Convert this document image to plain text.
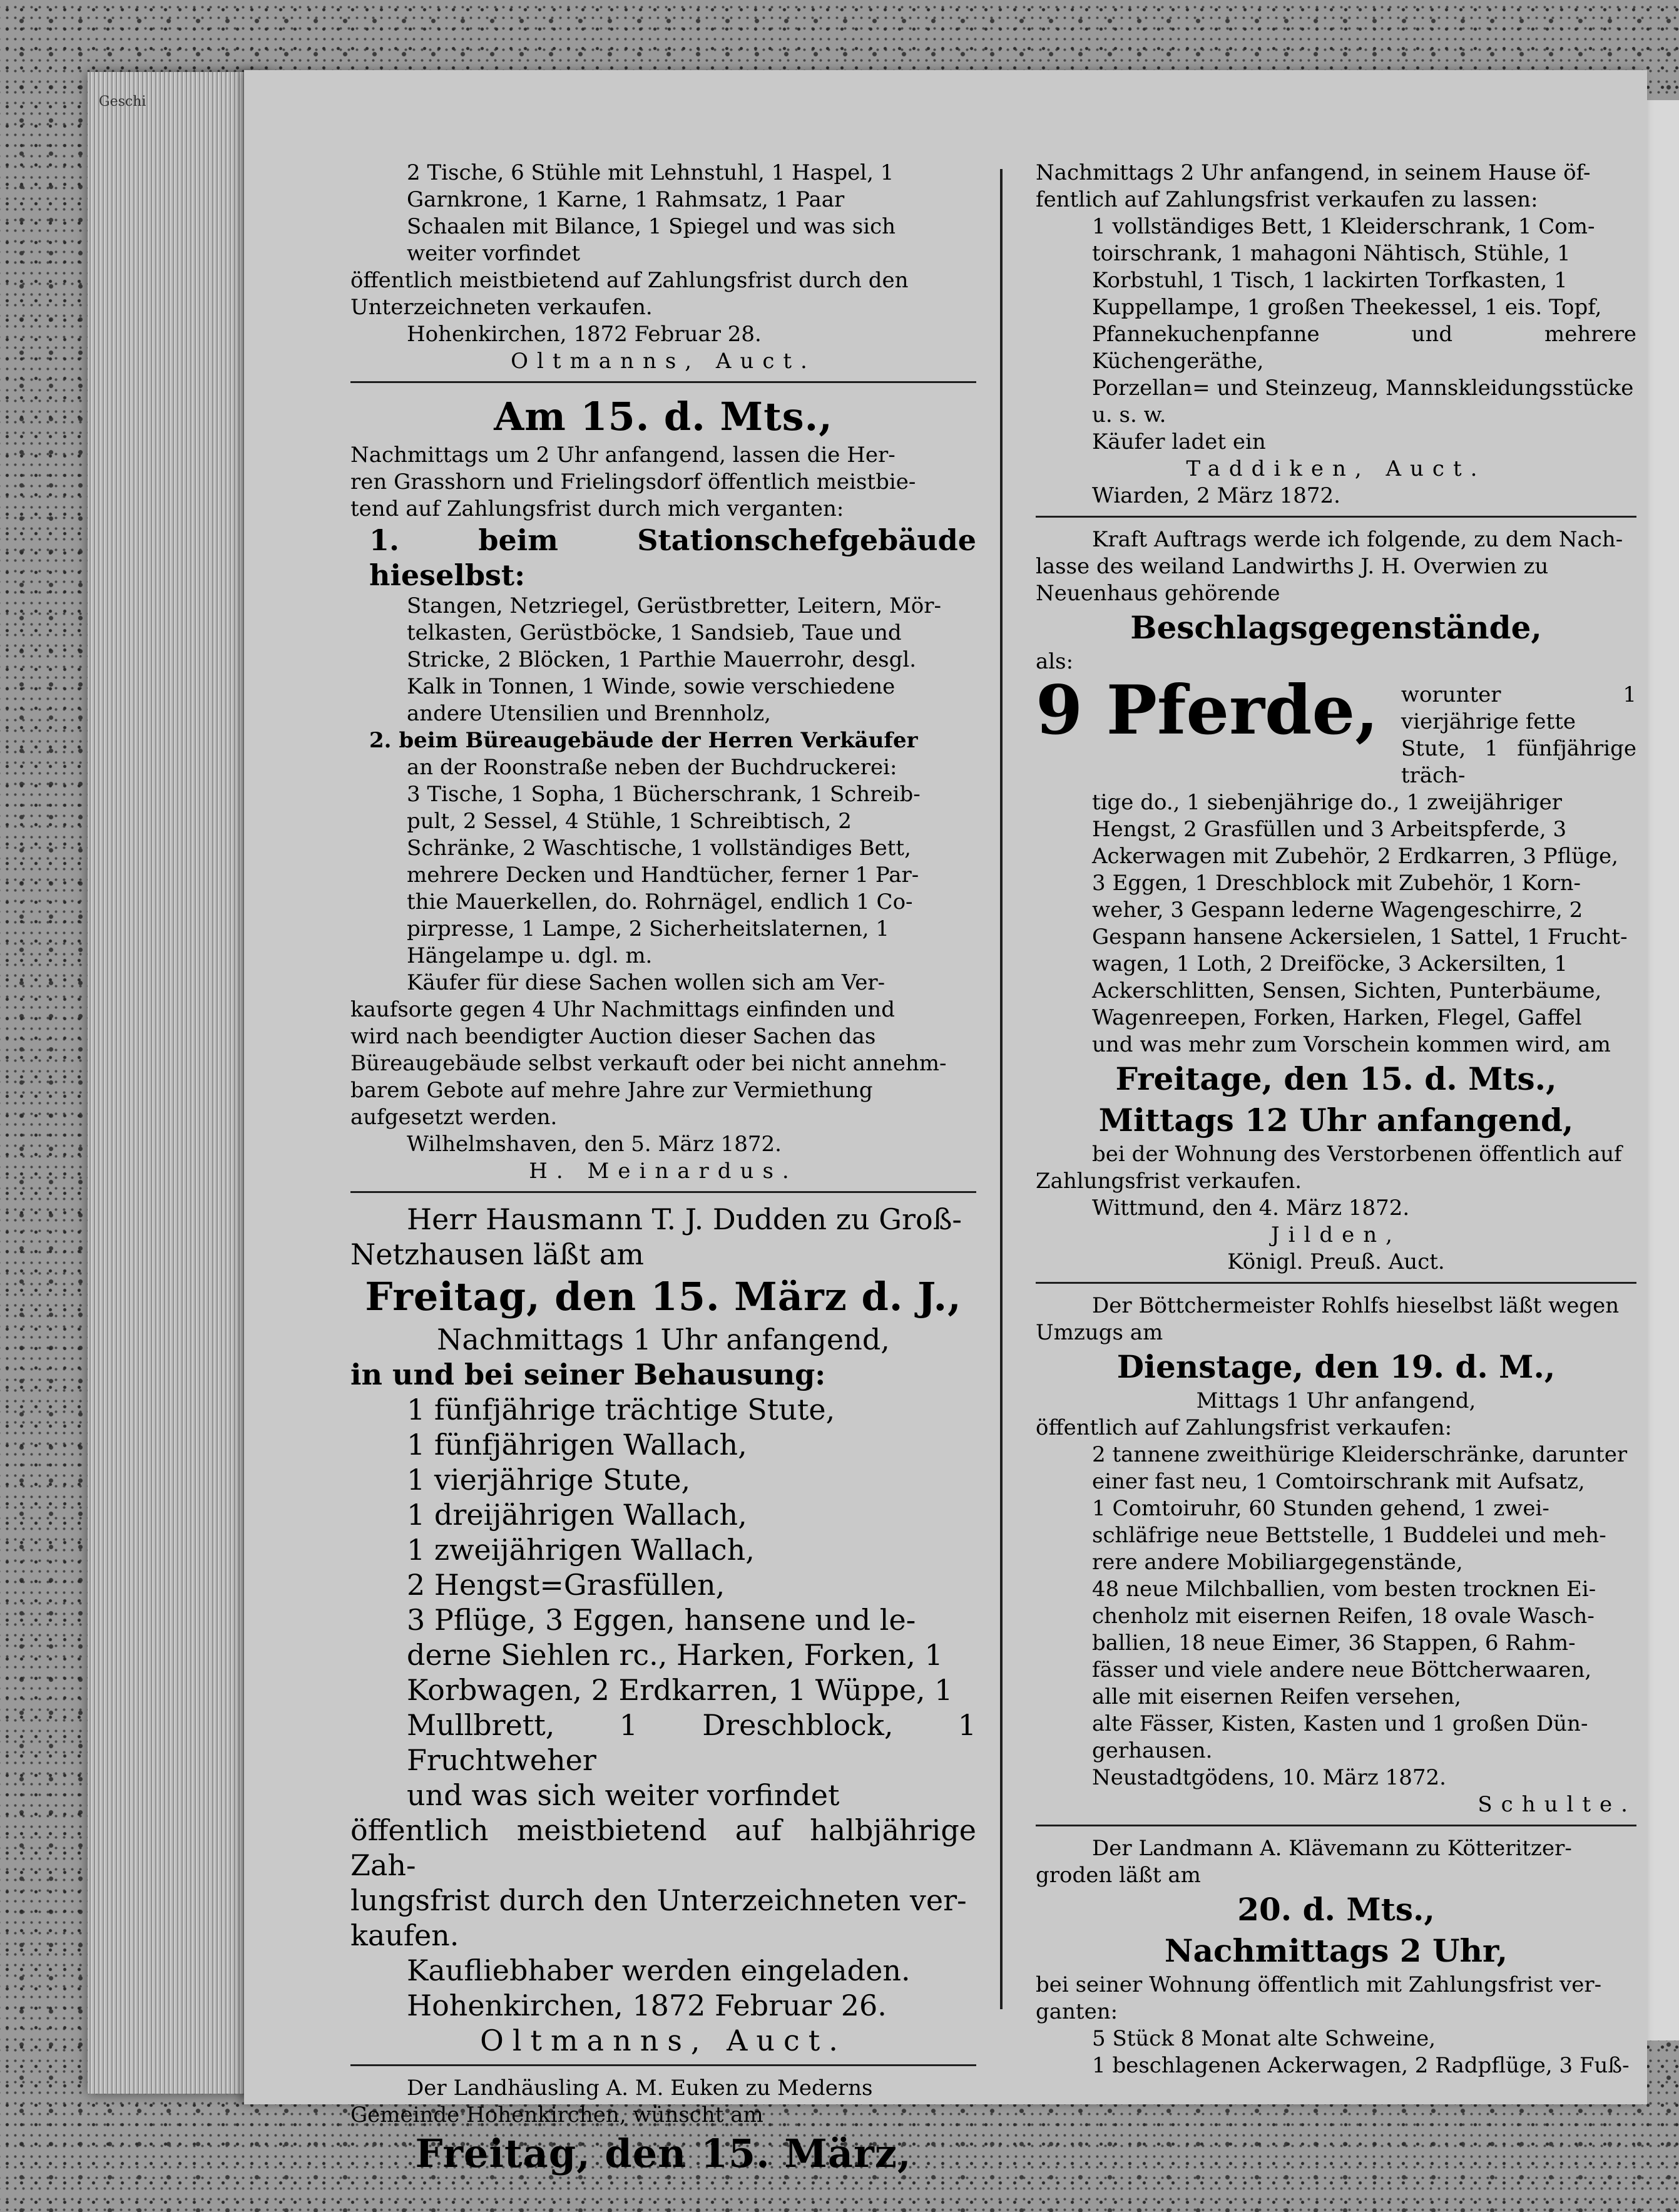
Geschi

2 Tische, 6 Stühle mit Lehnstuhl, 1 Haspel, 1

Garnkrone, 1 Karne, 1 Rahmsatz, 1 Paar

Schaalen mit Bilance, 1 Spiegel und was sich

weiter vorfindet

öffentlich meistbietend auf Zahlungsfrist durch den

Unterzeichneten verkaufen.

Hohenkirchen, 1872 Februar 28.

Oltmanns, Auct.

Am 15. d. Mts.,

Nachmittags um 2 Uhr anfangend, lassen die Her-

ren Grasshorn und Frielingsdorf öffentlich meistbie-

tend auf Zahlungsfrist durch mich verganten:

1. beim Stationschefgebäude hieselbst:

Stangen, Netzriegel, Gerüstbretter, Leitern, Mör-

telkasten, Gerüstböcke, 1 Sandsieb, Taue und

Stricke, 2 Blöcken, 1 Parthie Mauerrohr, desgl.

Kalk in Tonnen, 1 Winde, sowie verschiedene

andere Utensilien und Brennholz,

2. beim Büreaugebäude der Herren Verkäufer

an der Roonstraße neben der Buchdruckerei:

3 Tische, 1 Sopha, 1 Bücherschrank, 1 Schreib-

pult, 2 Sessel, 4 Stühle, 1 Schreibtisch, 2

Schränke, 2 Waschtische, 1 vollständiges Bett,

mehrere Decken und Handtücher, ferner 1 Par-

thie Mauerkellen, do. Rohrnägel, endlich 1 Co-

pirpresse, 1 Lampe, 2 Sicherheitslaternen, 1

Hängelampe u. dgl. m.

Käufer für diese Sachen wollen sich am Ver-

kaufsorte gegen 4 Uhr Nachmittags einfinden und

wird nach beendigter Auction dieser Sachen das

Büreaugebäude selbst verkauft oder bei nicht annehm-

barem Gebote auf mehre Jahre zur Vermiethung

aufgesetzt werden.

Wilhelmshaven, den 5. März 1872.

H. Meinardus.

Herr Hausmann T. J. Dudden zu Groß-

Netzhausen läßt am

Freitag, den 15. März d. J.,

Nachmittags 1 Uhr anfangend,

in und bei seiner Behausung:

1 fünfjährige trächtige Stute,

1 fünfjährigen Wallach,

1 vierjährige Stute,

1 dreijährigen Wallach,

1 zweijährigen Wallach,

2 Hengst=Grasfüllen,

3 Pflüge, 3 Eggen, hansene und le-

derne Siehlen rc., Harken, Forken, 1

Korbwagen, 2 Erdkarren, 1 Wüppe, 1

Mullbrett, 1 Dreschblock, 1 Fruchtweher

und was sich weiter vorfindet

öffentlich meistbietend auf halbjährige Zah-

lungsfrist durch den Unterzeichneten ver-

kaufen.

Kaufliebhaber werden eingeladen.

Hohenkirchen, 1872 Februar 26.

Oltmanns, Auct.

Der Landhäusling A. M. Euken zu Mederns

Gemeinde Hohenkirchen, wünscht am

Freitag, den 15. März,

Nachmittags 2 Uhr anfangend, in seinem Hause öf-

fentlich auf Zahlungsfrist verkaufen zu lassen:

1 vollständiges Bett, 1 Kleiderschrank, 1 Com-

toirschrank, 1 mahagoni Nähtisch, Stühle, 1

Korbstuhl, 1 Tisch, 1 lackirten Torfkasten, 1

Kuppellampe, 1 großen Theekessel, 1 eis. Topf,

Pfannekuchenpfanne und mehrere Küchengeräthe,

Porzellan= und Steinzeug, Mannskleidungsstücke

u. s. w.

Käufer ladet ein

Taddiken, Auct.

Wiarden, 2 März 1872.

Kraft Auftrags werde ich folgende, zu dem Nach-

lasse des weiland Landwirths J. H. Overwien zu

Neuenhaus gehörende

Beschlagsgegenstände,

als:

9 Pferde,	worunter 1 vierjährige fette

Stute, 1 fünfjährige träch-

tige do., 1 siebenjährige do., 1 zweijähriger

Hengst, 2 Grasfüllen und 3 Arbeitspferde, 3

Ackerwagen mit Zubehör, 2 Erdkarren, 3 Pflüge,

3 Eggen, 1 Dreschblock mit Zubehör, 1 Korn-

weher, 3 Gespann lederne Wagengeschirre, 2

Gespann hansene Ackersielen, 1 Sattel, 1 Frucht-

wagen, 1 Loth, 2 Dreiföcke, 3 Ackersilten, 1

Ackerschlitten, Sensen, Sichten, Punterbäume,

Wagenreepen, Forken, Harken, Flegel, Gaffel

und was mehr zum Vorschein kommen wird, am

Freitage, den 15. d. Mts.,

Mittags 12 Uhr anfangend,

bei der Wohnung des Verstorbenen öffentlich auf

Zahlungsfrist verkaufen.

Wittmund, den 4. März 1872.

Jilden,

Königl. Preuß. Auct.

Der Böttchermeister Rohlfs hieselbst läßt wegen

Umzugs am

Dienstage, den 19. d. M.,

Mittags 1 Uhr anfangend,

öffentlich auf Zahlungsfrist verkaufen:

2 tannene zweithürige Kleiderschränke, darunter

einer fast neu, 1 Comtoirschrank mit Aufsatz,

1 Comtoiruhr, 60 Stunden gehend, 1 zwei-

schläfrige neue Bettstelle, 1 Buddelei und meh-

rere andere Mobiliargegenstände,

48 neue Milchballien, vom besten trocknen Ei-

chenholz mit eisernen Reifen, 18 ovale Wasch-

ballien, 18 neue Eimer, 36 Stappen, 6 Rahm-

fässer und viele andere neue Böttcherwaaren,

alle mit eisernen Reifen versehen,

alte Fässer, Kisten, Kasten und 1 großen Dün-

gerhausen.

Neustadtgödens, 10. März 1872.

Schulte.

Der Landmann A. Klävemann zu Kötteritzer-

groden läßt am

20. d. Mts.,

Nachmittags 2 Uhr,

bei seiner Wohnung öffentlich mit Zahlungsfrist ver-

ganten:

5 Stück 8 Monat alte Schweine,

1 beschlagenen Ackerwagen, 2 Radpflüge, 3 Fuß-
